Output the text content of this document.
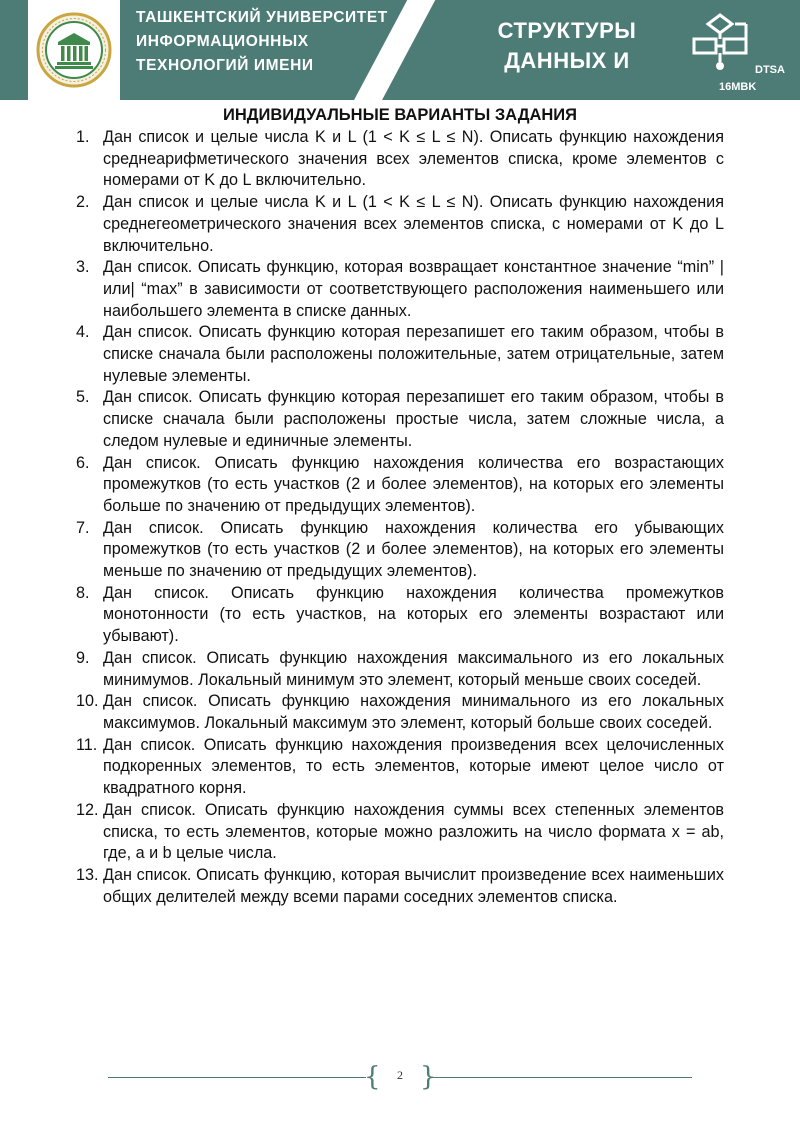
ТАШКЕНТСКИЙ УНИВЕРСИТЕТ
ИНФОРМАЦИОННЫХ
ТЕХНОЛОГИЙ ИМЕНИ
СТРУКТУРЫ
ДАННЫХ И	DTSA
16MBK
ИНДИВИДУАЛЬНЫЕ ВАРИАНТЫ ЗАДАНИЯ
1. Дан список и целые числа K и L (1 < K ≤ L ≤ N). Описать функцию нахождения среднеарифметического значения всех элементов списка, кроме элементов с номерами от K до L включительно.
2. Дан список и целые числа K и L (1 < K ≤ L ≤ N). Описать функцию нахождения среднегеометрического значения всех элементов списка, с номерами от K до L включительно.
3. Дан список. Описать функцию, которая возвращает константное значение “min” |или| “max” в зависимости от соответствующего расположения наименьшего или наибольшего элемента в списке данных.
4. Дан список. Описать функцию которая перезапишет его таким образом, чтобы в списке сначала были расположены положительные, затем отрицательные, затем нулевые элементы.
5. Дан список. Описать функцию которая перезапишет его таким образом, чтобы в списке сначала были расположены простые числа, затем сложные числа, а следом нулевые и единичные элементы.
6. Дан список. Описать функцию нахождения количества его возрастающих промежутков (то есть участков (2 и более элементов), на которых его элементы больше по значению от предыдущих элементов).
7. Дан список. Описать функцию нахождения количества его убывающих промежутков (то есть участков (2 и более элементов), на которых его элементы меньше по значению от предыдущих элементов).
8. Дан список. Описать функцию нахождения количества промежутков монотонности (то есть участков, на которых его элементы возрастают или убывают).
9. Дан список. Описать функцию нахождения максимального из его локальных минимумов. Локальный минимум это элемент, который меньше своих соседей.
10. Дан список. Описать функцию нахождения минимального из его локальных максимумов. Локальный максимум это элемент, который больше своих соседей.
11. Дан список. Описать функцию нахождения произведения всех целочисленных подкоренных элементов, то есть элементов, которые имеют целое число от квадратного корня.
12. Дан список. Описать функцию нахождения суммы всех степенных элементов списка, то есть элементов, которые можно разложить на число формата x = ab, где, a и b целые числа.
13. Дан список. Описать функцию, которая вычислит произведение всех наименьших общих делителей между всеми парами соседних элементов списка.
{	2 }
